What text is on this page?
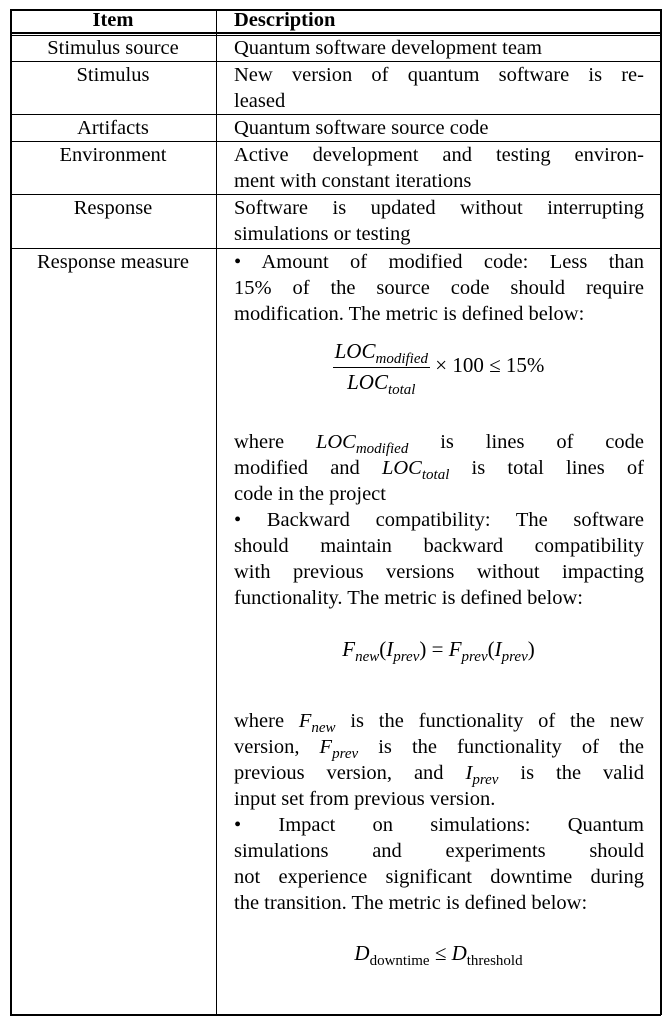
Item	Description
Stimulus source	Quantum software development team
Stimulus	New version of quantum software is re-
leased
Artifacts	Quantum software source code
Environment	Active development and testing environ-
ment with constant iterations
Response	Software is updated without interrupting
simulations or testing
Response measure	• Amount of modified code: Less than
15% of the source code should require
modification. The metric is defined below:
$\frac{LOC_{modified}}{LOC_{total}} \times 100 \le 15\%$
where $LOC_{modified}$ is lines of code
modified and $LOC_{total}$ is total lines of
code in the project
• Backward compatibility: The software
should maintain backward compatibility
with previous versions without impacting
functionality. The metric is defined below:
$F_{new}(I_{prev}) = F_{prev}(I_{prev})$
where $F_{new}$ is the functionality of the new
version, $F_{prev}$ is the functionality of the
previous version, and $I_{prev}$ is the valid
input set from previous version.
• Impact on simulations: Quantum
simulations and experiments should
not experience significant downtime during
the transition. The metric is defined below:
$D_{downtime} \le D_{threshold}$
